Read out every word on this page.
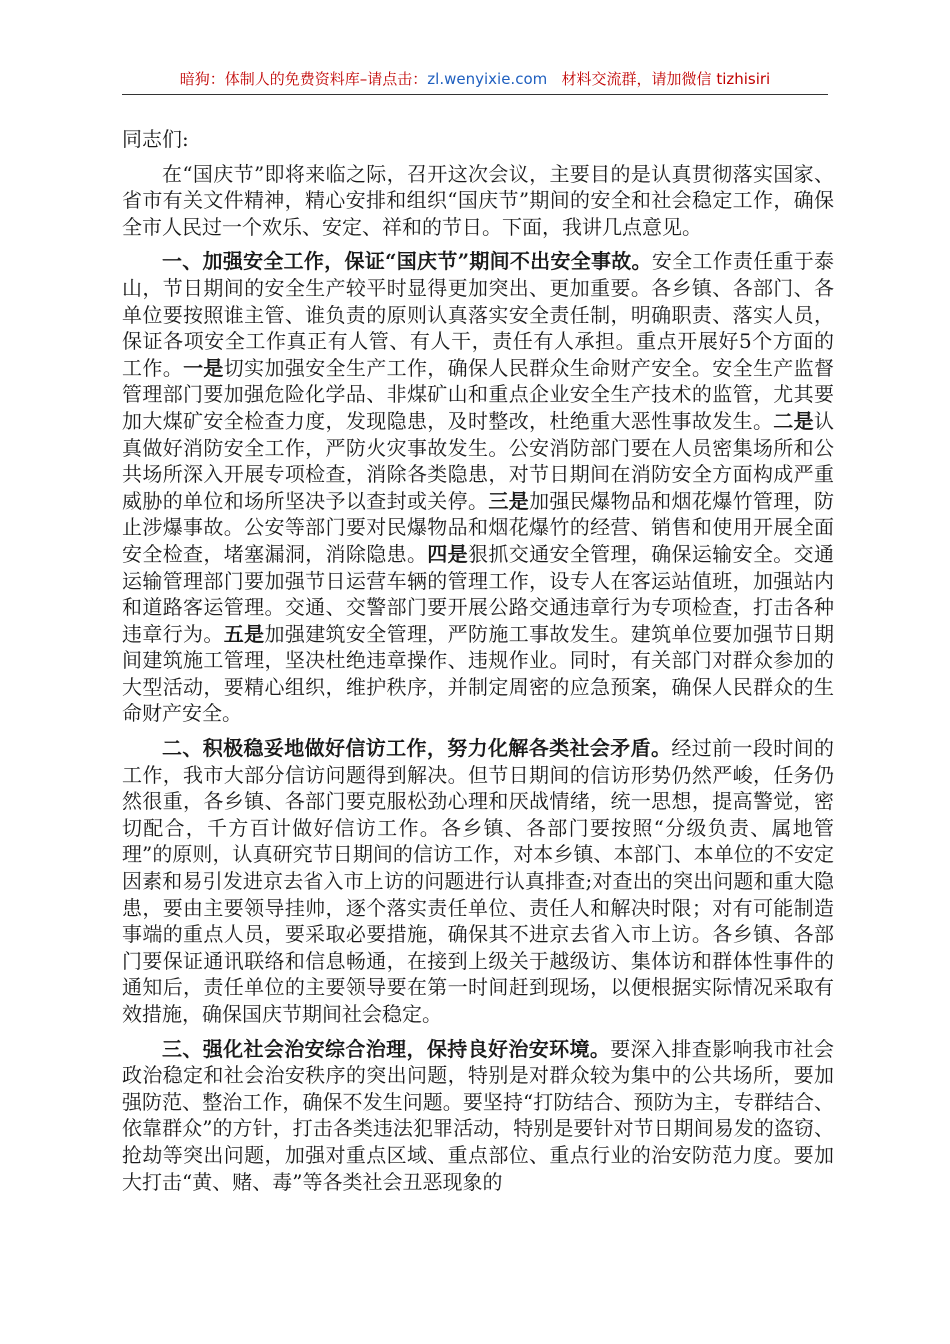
暗狗：体制人的免费资料库–请点击：zl.wenyixie.com 材料交流群，请加微信 tizhisiri

同志们:

在“国庆节”即将来临之际，召开这次会议，主要目的是认真贯彻落实国家、省市有关文件精神，精心安排和组织“国庆节”期间的安全和社会稳定工作，确保全市人民过一个欢乐、安定、祥和的节日。下面，我讲几点意见。

一、加强安全工作，保证“国庆节”期间不出安全事故。安全工作责任重于泰山，节日期间的安全生产较平时显得更加突出、更加重要。各乡镇、各部门、各单位要按照谁主管、谁负责的原则认真落实安全责任制，明确职责、落实人员，保证各项安全工作真正有人管、有人干，责任有人承担。重点开展好5个方面的工作。一是切实加强安全生产工作，确保人民群众生命财产安全。安全生产监督管理部门要加强危险化学品、非煤矿山和重点企业安全生产技术的监管，尤其要加大煤矿安全检查力度，发现隐患，及时整改，杜绝重大恶性事故发生。二是认真做好消防安全工作，严防火灾事故发生。公安消防部门要在人员密集场所和公共场所深入开展专项检查，消除各类隐患，对节日期间在消防安全方面构成严重威胁的单位和场所坚决予以查封或关停。三是加强民爆物品和烟花爆竹管理，防止涉爆事故。公安等部门要对民爆物品和烟花爆竹的经营、销售和使用开展全面安全检查，堵塞漏洞，消除隐患。四是狠抓交通安全管理，确保运输安全。交通运输管理部门要加强节日运营车辆的管理工作，设专人在客运站值班，加强站内和道路客运管理。交通、交警部门要开展公路交通违章行为专项检查，打击各种违章行为。五是加强建筑安全管理，严防施工事故发生。建筑单位要加强节日期间建筑施工管理，坚决杜绝违章操作、违规作业。同时，有关部门对群众参加的大型活动，要精心组织，维护秩序，并制定周密的应急预案，确保人民群众的生命财产安全。

二、积极稳妥地做好信访工作，努力化解各类社会矛盾。经过前一段时间的工作，我市大部分信访问题得到解决。但节日期间的信访形势仍然严峻，任务仍然很重，各乡镇、各部门要克服松劲心理和厌战情绪，统一思想，提高警觉，密切配合，千方百计做好信访工作。各乡镇、各部门要按照“分级负责、属地管理”的原则，认真研究节日期间的信访工作，对本乡镇、本部门、本单位的不安定因素和易引发进京去省入市上访的问题进行认真排查;对查出的突出问题和重大隐患，要由主要领导挂帅，逐个落实责任单位、责任人和解决时限；对有可能制造事端的重点人员，要采取必要措施，确保其不进京去省入市上访。各乡镇、各部门要保证通讯联络和信息畅通，在接到上级关于越级访、集体访和群体性事件的通知后，责任单位的主要领导要在第一时间赶到现场，以便根据实际情况采取有效措施，确保国庆节期间社会稳定。

三、强化社会治安综合治理，保持良好治安环境。要深入排查影响我市社会政治稳定和社会治安秩序的突出问题，特别是对群众较为集中的公共场所，要加强防范、整治工作，确保不发生问题。要坚持“打防结合、预防为主，专群结合、依靠群众”的方针，打击各类违法犯罪活动，特别是要针对节日期间易发的盗窃、抢劫等突出问题，加强对重点区域、重点部位、重点行业的治安防范力度。要加大打击“黄、赌、毒”等各类社会丑恶现象的
